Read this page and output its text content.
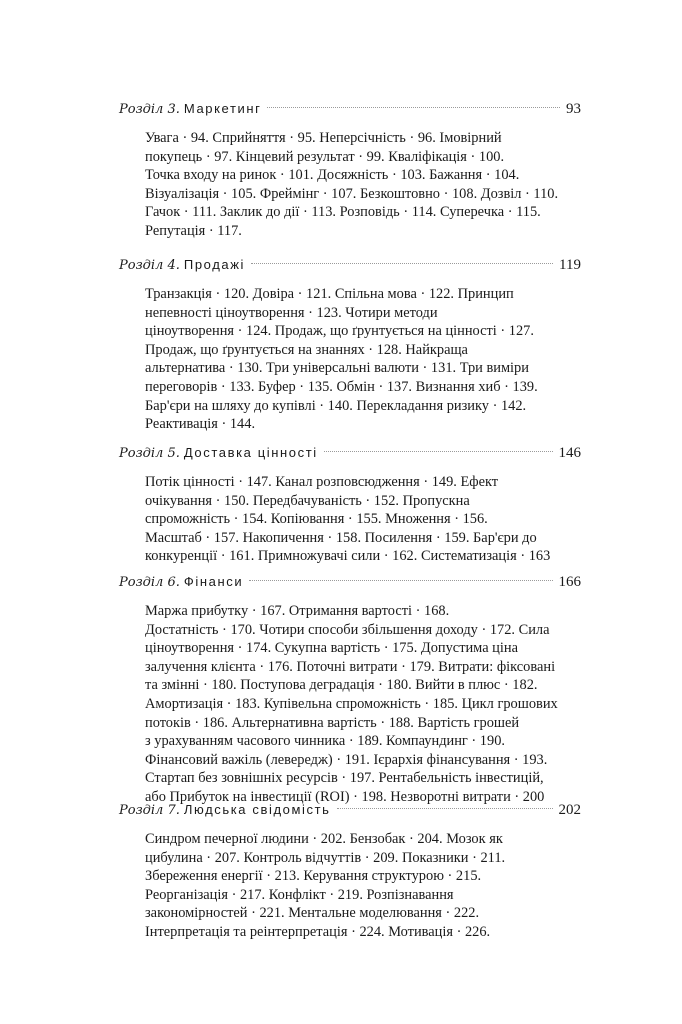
Розділ 3. Маркетинг	93
Увага · 94. Сприйняття · 95. Неперсічність · 96. Імовірний
покупець · 97. Кінцевий результат · 99. Кваліфікація · 100.
Точка входу на ринок · 101. Досяжність · 103. Бажання · 104.
Візуалізація · 105. Фреймінг · 107. Безкоштовно · 108. Дозвіл · 110.
Гачок · 111. Заклик до дії · 113. Розповідь · 114. Суперечка · 115.
Репутація · 117.
Розділ 4. Продажі	119
Транзакція · 120. Довіра · 121. Спільна мова · 122. Принцип
непевності ціноутворення · 123. Чотири методи
ціноутворення · 124. Продаж, що ґрунтується на цінності · 127.
Продаж, що ґрунтується на знаннях · 128. Найкраща
альтернатива · 130. Три універсальні валюти · 131. Три виміри
переговорів · 133. Буфер · 135. Обмін · 137. Визнання хиб · 139.
Бар'єри на шляху до купівлі · 140. Перекладання ризику · 142.
Реактивація · 144.
Розділ 5. Доставка цінності	146
Потік цінності · 147. Канал розповсюдження · 149. Ефект
очікування · 150. Передбачуваність · 152. Пропускна
спроможність · 154. Копіювання · 155. Множення · 156.
Масштаб · 157. Накопичення · 158. Посилення · 159. Бар'єри до
конкуренції · 161. Примножувачі сили · 162. Систематизація · 163
Розділ 6. Фінанси	166
Маржа прибутку · 167. Отримання вартості · 168.
Достатність · 170. Чотири способи збільшення доходу · 172. Сила
ціноутворення · 174. Сукупна вартість · 175. Допустима ціна
залучення клієнта · 176. Поточні витрати · 179. Витрати: фіксовані
та змінні · 180. Поступова деградація · 180. Вийти в плюс · 182.
Амортизація · 183. Купівельна спроможність · 185. Цикл грошових
потоків · 186. Альтернативна вартість · 188. Вартість грошей
з урахуванням часового чинника · 189. Компаундинг · 190.
Фінансовий важіль (левередж) · 191. Ієрархія фінансування · 193.
Стартап без зовнішніх ресурсів · 197. Рентабельність інвестицій,
або Прибуток на інвестиції (ROI) · 198. Незворотні витрати · 200
Розділ 7. Людська свідомість	202
Синдром печерної людини · 202. Бензобак · 204. Мозок як
цибулина · 207. Контроль відчуттів · 209. Показники · 211.
Збереження енергії · 213. Керування структурою · 215.
Реорганізація · 217. Конфлікт · 219. Розпізнавання
закономірностей · 221. Ментальне моделювання · 222.
Інтерпретація та реінтерпретація · 224. Мотивація · 226.
